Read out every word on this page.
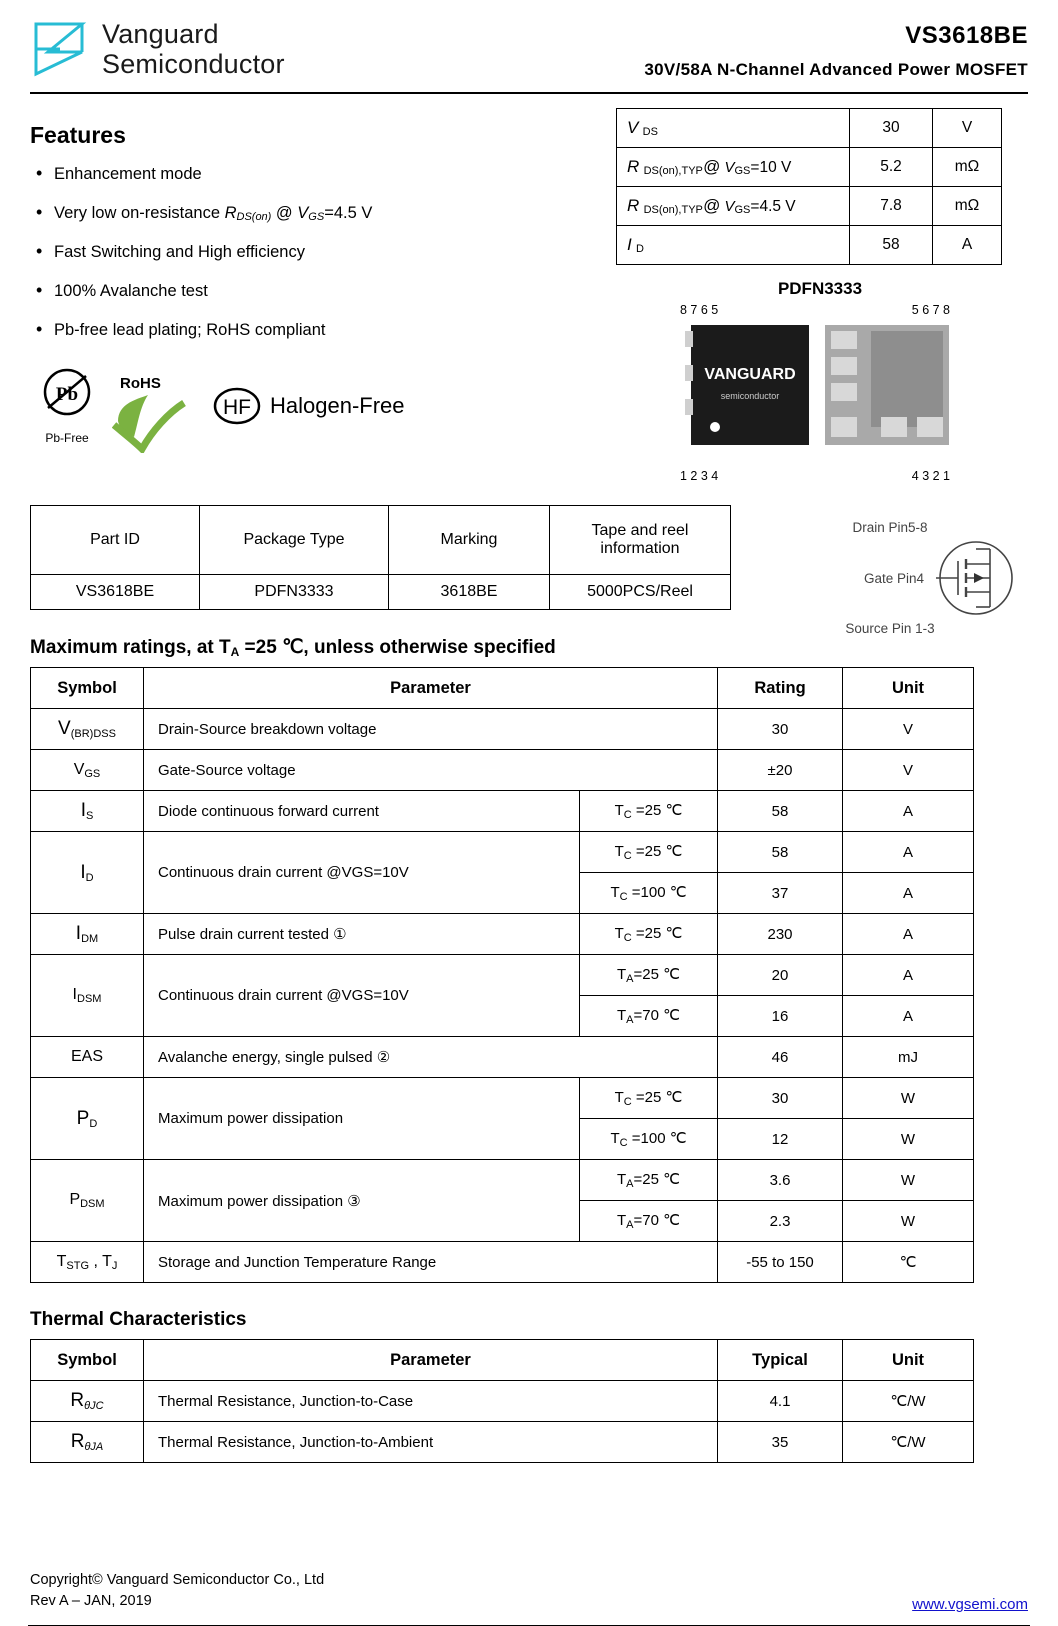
Vanguard
Semiconductor
VS3618BE
30V/58A N-Channel Advanced Power MOSFET
Features
• Enhancement mode
• Very low on-resistance RDS(on) @ VGS=4.5 V
• Fast Switching and High efficiency
• 100% Avalanche test
• Pb-free lead plating; RoHS compliant
Pb
Pb-Free
RoHS
HF Halogen-Free
V DS	30	V
R DS(on),TYP@ VGS=10 V	5.2	mΩ
R DS(on),TYP@ VGS=4.5 V	7.8	mΩ
I D	58	A
PDFN3333
8 7 6 5	5 6 7 8
VANGUARD
semiconductor
1 2 3 4	4 3 2 1
Drain Pin5-8
Gate Pin4
Source Pin 1-3
Part ID	Package Type	Marking	Tape and reel information
VS3618BE	PDFN3333	3618BE	5000PCS/Reel
Maximum ratings, at TA =25 ℃, unless otherwise specified
Symbol	Parameter		Rating	Unit
V(BR)DSS	Drain-Source breakdown voltage		30	V
VGS	Gate-Source voltage		±20	V
IS	Diode continuous forward current	$T_C =25$ ℃	58	A
ID	Continuous drain current @VGS=10V	$T_C =25$ ℃	58	A
		$T_C =100$ ℃	37	A
IDM	Pulse drain current tested ①	$T_C =25$ ℃	230	A
IDSM	Continuous drain current @VGS=10V	$T_A=25$ ℃	20	A
		$T_A=70$ ℃	16	A
EAS	Avalanche energy, single pulsed ②		46	mJ
PD	Maximum power dissipation	$T_C =25$ ℃	30	W
		$T_C =100$ ℃	12	W
PDSM	Maximum power dissipation ③	$T_A=25$ ℃	3.6	W
		$T_A=70$ ℃	2.3	W
TSTG , TJ	Storage and Junction Temperature Range		-55 to 150	℃
Thermal Characteristics
Symbol	Parameter	Typical	Unit
RθJC	Thermal Resistance, Junction-to-Case	4.1	℃/W
RθJA	Thermal Resistance, Junction-to-Ambient	35	℃/W
Copyright© Vanguard Semiconductor Co., Ltd
Rev A – JAN, 2019	www.vgsemi.com
